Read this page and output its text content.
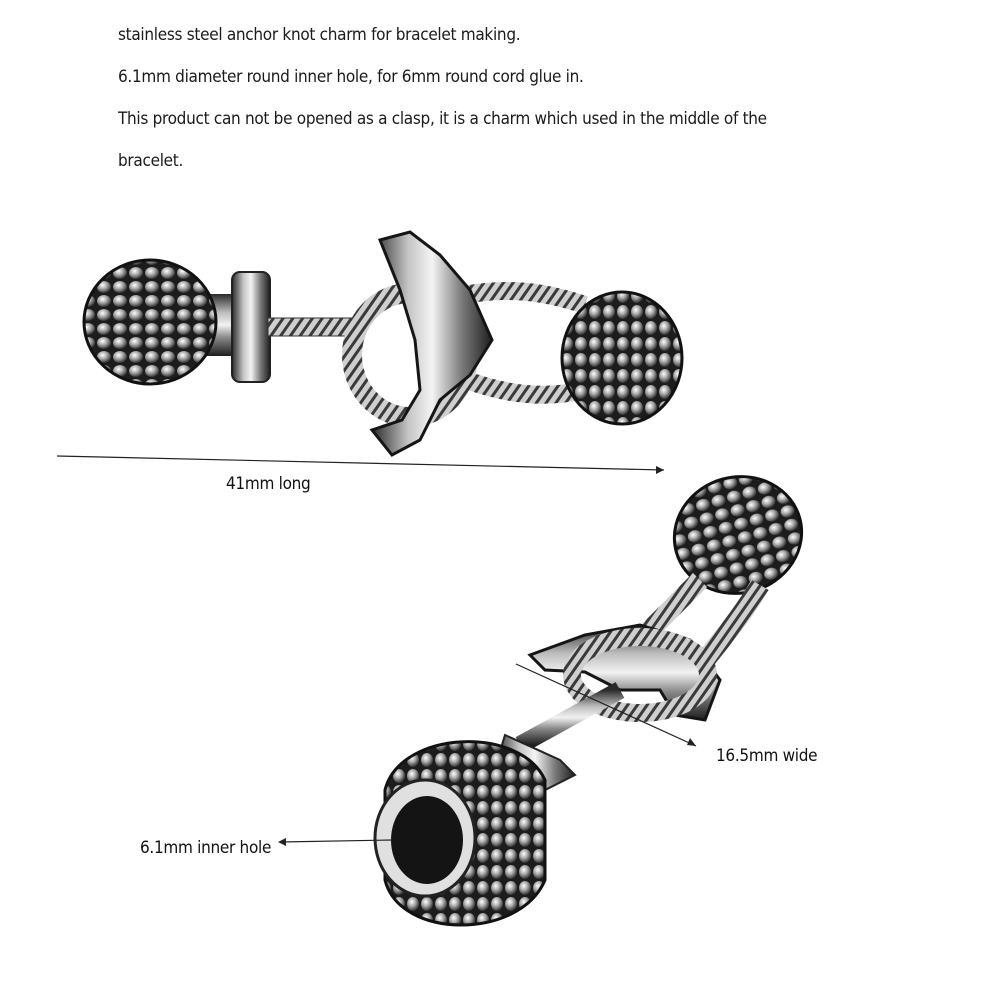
stainless steel anchor knot charm for bracelet making.

6.1mm diameter round inner hole, for 6mm round cord glue in.

This product can not be opened as a clasp, it is a charm which used in the middle of the

bracelet.

41mm long
16.5mm wide
6.1mm inner hole
